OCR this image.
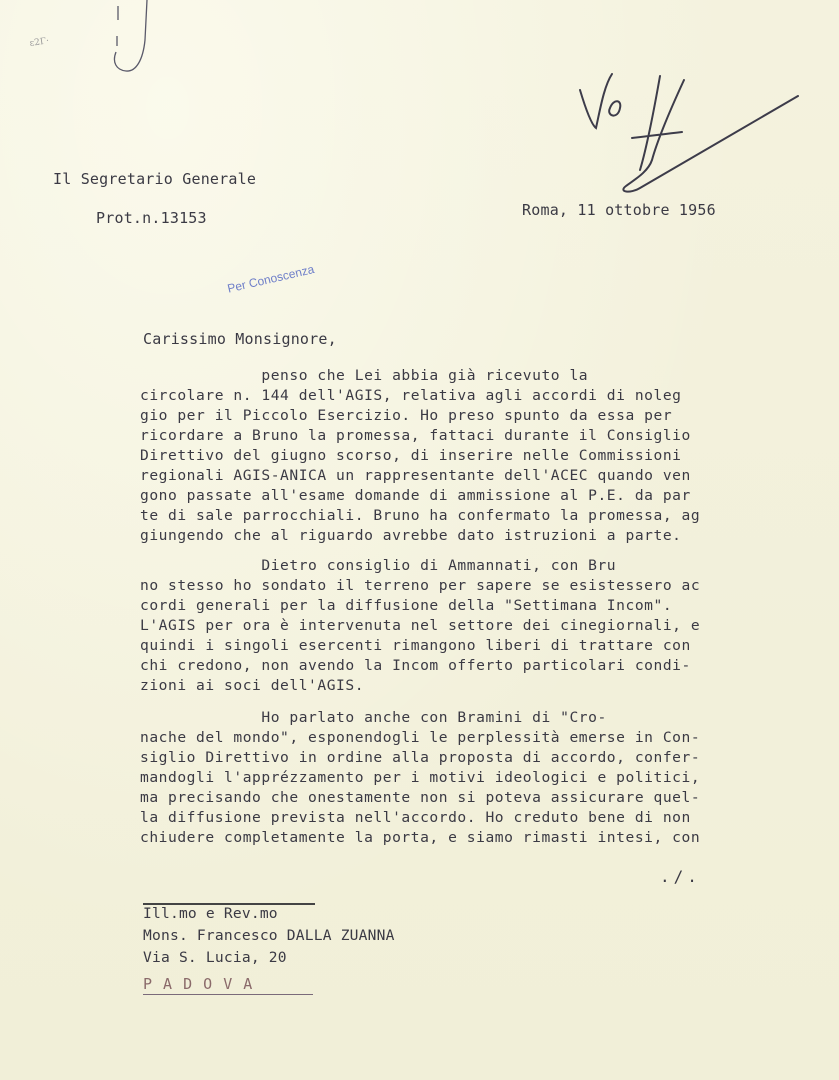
ε2Γ·
Il Segretario Generale
Prot.n.13153	Roma, 11 ottobre 1956
Per Conoscenza
Carissimo Monsignore,
penso che Lei abbia già ricevuto la
circolare n. 144 dell'AGIS, relativa agli accordi di noleg
gio per il Piccolo Esercizio. Ho preso spunto da essa per
ricordare a Bruno la promessa, fattaci durante il Consiglio
Direttivo del giugno scorso, di inserire nelle Commissioni
regionali AGIS-ANICA un rappresentante dell'ACEC quando ven
gono passate all'esame domande di ammissione al P.E. da par
te di sale parrocchiali. Bruno ha confermato la promessa, ag
giungendo che al riguardo avrebbe dato istruzioni a parte.
Dietro consiglio di Ammannati, con Bru
no stesso ho sondato il terreno per sapere se esistessero ac
cordi generali per la diffusione della "Settimana Incom".
L'AGIS per ora è intervenuta nel settore dei cinegiornali, e
quindi i singoli esercenti rimangono liberi di trattare con
chi credono, non avendo la Incom offerto particolari condi-
zioni ai soci dell'AGIS.
Ho parlato anche con Bramini di "Cro-
nache del mondo", esponendogli le perplessità emerse in Con-
siglio Direttivo in ordine alla proposta di accordo, confer-
mandogli l'apprézzamento per i motivi ideologici e politici,
ma precisando che onestamente non si poteva assicurare quel-
la diffusione prevista nell'accordo. Ho creduto bene di non
chiudere completamente la porta, e siamo rimasti intesi, con
./.
Ill.mo e Rev.mo
Mons. Francesco DALLA ZUANNA
Via S. Lucia, 20
P A D O V A
